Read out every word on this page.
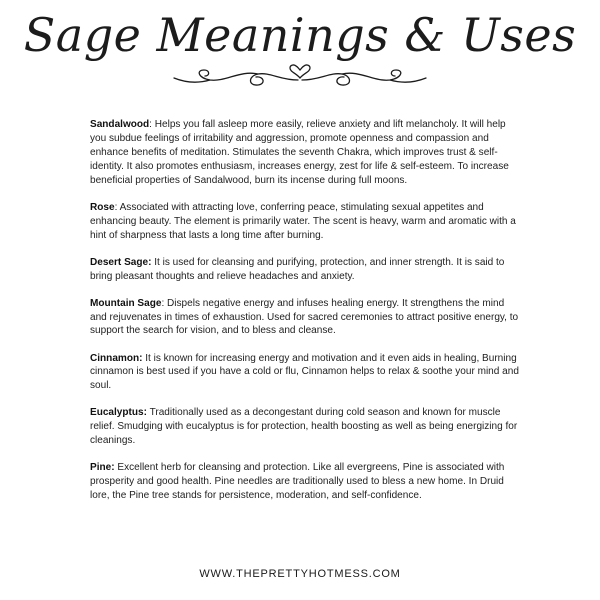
Sage Meanings & Uses

Sandalwood: Helps you fall asleep more easily, relieve anxiety and lift melancholy. It will help you subdue feelings of irritability and aggression, promote openness and compassion and enhance benefits of meditation. Stimulates the seventh Chakra, which improves trust & self-identity. It also promotes enthusiasm, increases energy, zest for life & self-esteem. To increase beneficial properties of Sandalwood, burn its incense during full moons.

Rose: Associated with attracting love, conferring peace, stimulating sexual appetites and enhancing beauty. The element is primarily water. The scent is heavy, warm and aromatic with a hint of sharpness that lasts a long time after burning.

Desert Sage: It is used for cleansing and purifying, protection, and inner strength. It is said to bring pleasant thoughts and relieve headaches and anxiety.

Mountain Sage: Dispels negative energy and infuses healing energy. It strengthens the mind and rejuvenates in times of exhaustion. Used for sacred ceremonies to attract positive energy, to support the search for vision, and to bless and cleanse.

Cinnamon: It is known for increasing energy and motivation and it even aids in healing, Burning cinnamon is best used if you have a cold or flu, Cinnamon helps to relax & soothe your mind and soul.

Eucalyptus: Traditionally used as a decongestant during cold season and known for muscle relief. Smudging with eucalyptus is for protection, health boosting as well as being energizing for cleanings.

Pine: Excellent herb for cleansing and protection. Like all evergreens, Pine is associated with prosperity and good health. Pine needles are traditionally used to bless a new home. In Druid lore, the Pine tree stands for persistence, moderation, and self-confidence.

WWW.THEPRETTYHOTMESS.COM
